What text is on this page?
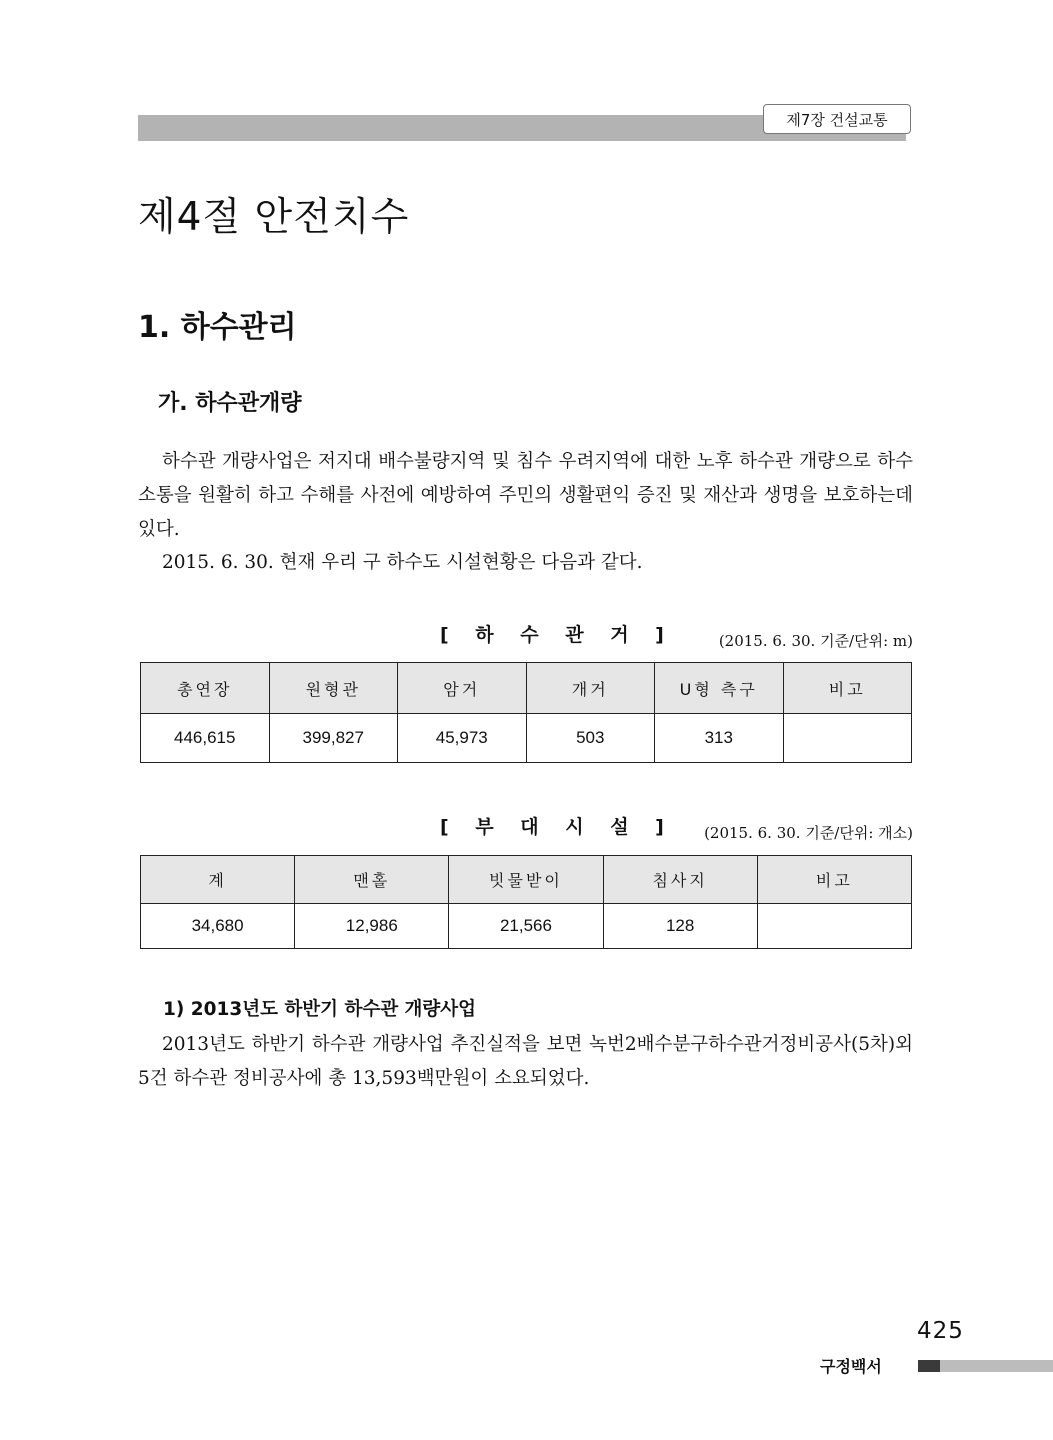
제7장 건설교통
제4절 안전치수
1. 하수관리
가. 하수관개량

하수관 개량사업은 저지대 배수불량지역 및 침수 우려지역에 대한 노후 하수관 개량으로 하수 소통을 원활히 하고 수해를 사전에 예방하여 주민의 생활편익 증진 및 재산과 생명을 보호하는데 있다.

2015. 6. 30. 현재 우리 구 하수도 시설현황은 다음과 같다.

[ 하 수 관 거 ]	(2015. 6. 30. 기준/단위: m)
총연장	원형관	암거	개거	U형 측구	비고
446,615	399,827	45,973	503	313	
[ 부 대 시 설 ] (2015. 6. 30. 기준/단위: 개소)
계	맨홀	빗물받이	침사지	비고
34,680	12,986	21,566	128	
1) 2013년도 하반기 하수관 개량사업

2013년도 하반기 하수관 개량사업 추진실적을 보면 녹번2배수분구하수관거정비공사(5차)외 5건 하수관 정비공사에 총 13,593백만원이 소요되었다.

425
구정백서
